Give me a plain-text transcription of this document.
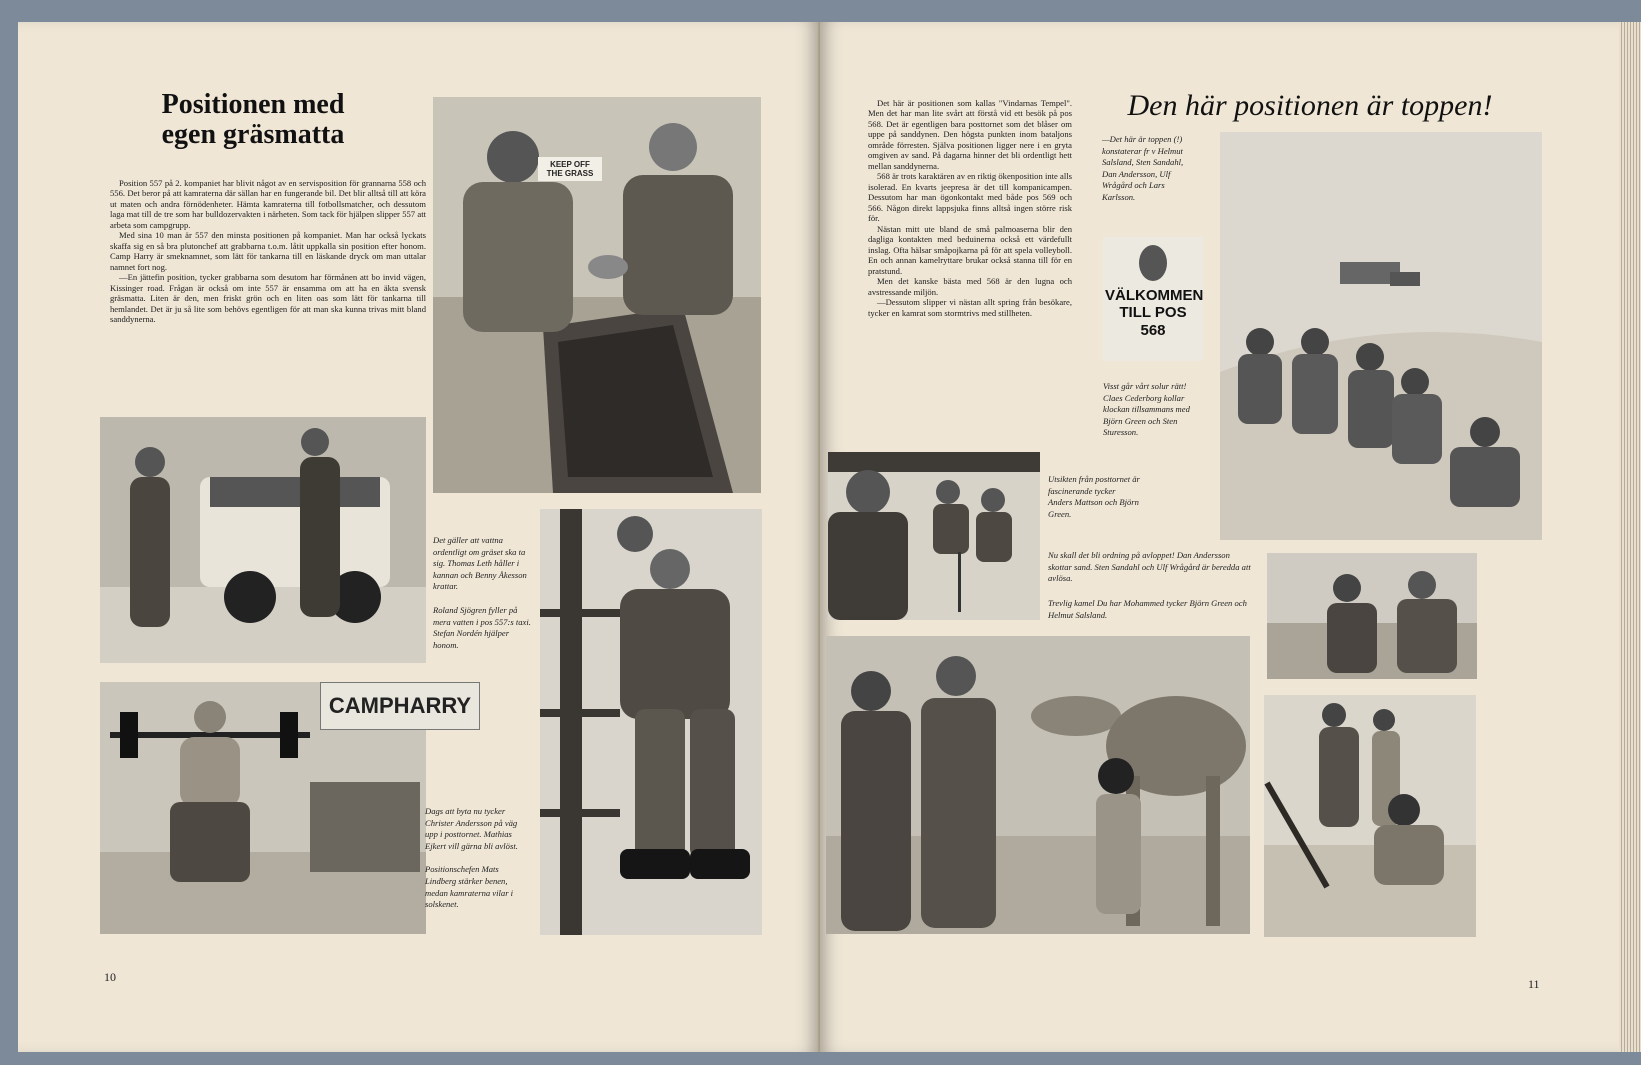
Positionen med egen gräsmatta

Position 557 på 2. kompaniet har blivit något av en servisposition för grannarna 558 och 556. Det beror på att kamraterna där sällan har en fungerande bil. Det blir alltså till att köra ut maten och andra förnödenheter. Hämta kamraterna till fotbollsmatcher, och dessutom laga mat till de tre som har bulldozervakten i närheten. Som tack för hjälpen slipper 557 att arbeta som campgrupp.

Med sina 10 man är 557 den minsta positionen på kompaniet. Man har också lyckats skaffa sig en så bra plutonchef att grabbarna t.o.m. låtit uppkalla sin position efter honom. Camp Harry är smeknamnet, som lätt för tankarna till en läskande dryck om man uttalar namnet fort nog.

—En jättefin position, tycker grabbarna som desutom har förmånen att bo invid vägen, Kissinger road. Frågan är också om inte 557 är ensamma om att ha en äkta svensk gräsmatta. Liten är den, men friskt grön och en liten oas som lätt för tankarna till hemlandet. Det är ju så lite som behövs egentligen för att man ska kunna trivas mitt bland sanddynerna.

KEEP OFF THE GRASS
CAMPHARRY

Det gäller att vattna ordentligt om gräset ska ta sig. Thomas Leth håller i kannan och Benny Åkesson krattar.

Roland Sjögren fyller på mera vatten i pos 557:s taxi. Stefan Nordén hjälper honom.

Dags att byta nu tycker Christer Andersson på väg upp i posttornet. Mathias Ejkert vill gärna bli avlöst.

Positionschefen Mats Lindberg stärker benen, medan kamraterna vilar i solskenet.

10

Det här är positionen som kallas "Vindarnas Tempel". Men det har man lite svårt att förstå vid ett besök på pos 568. Det är egentligen bara posttornet som det blåser om uppe på sanddynen. Den högsta punkten inom bataljons område förresten. Själva positionen ligger nere i en gryta omgiven av sand. På dagarna hinner det bli ordentligt hett mellan sanddynerna.

568 är trots karaktären av en riktig ökenposition inte alls isolerad. En kvarts jeepresa är det till kompanicampen. Dessutom har man ögonkontakt med både pos 569 och 566. Någon direkt lappsjuka finns alltså ingen större risk för.

Nästan mitt ute bland de små palmoaserna blir den dagliga kontakten med beduinerna också ett värdefullt inslag. Ofta hälsar småpojkarna på för att spela volleyboll. En och annan kamelryttare brukar också stanna till för en pratstund.

Men det kanske bästa med 568 är den lugna och avstressande miljön.

—Dessutom slipper vi nästan allt spring från besökare, tycker en kamrat som stormtrivs med stillheten.

Den här positionen är toppen!
—Det här är toppen (!) konstaterar fr v Helmut Salsland, Sten Sandahl, Dan Andersson, Ulf Wrågård och Lars Karlsson.
VÄLKOMMEN TILL POS 568
Visst går vårt solur rätt! Claes Cederborg kollar klockan tillsammans med Björn Green och Sten Sturesson.
Utsikten från posttornet är fascinerande tycker Anders Mattson och Björn Green.
Nu skall det bli ordning på avloppet! Dan Andersson skottar sand. Sten Sandahl och Ulf Wrågård är beredda att avlösa.
Trevlig kamel Du har Mohammed tycker Björn Green och Helmut Salsland.
11
